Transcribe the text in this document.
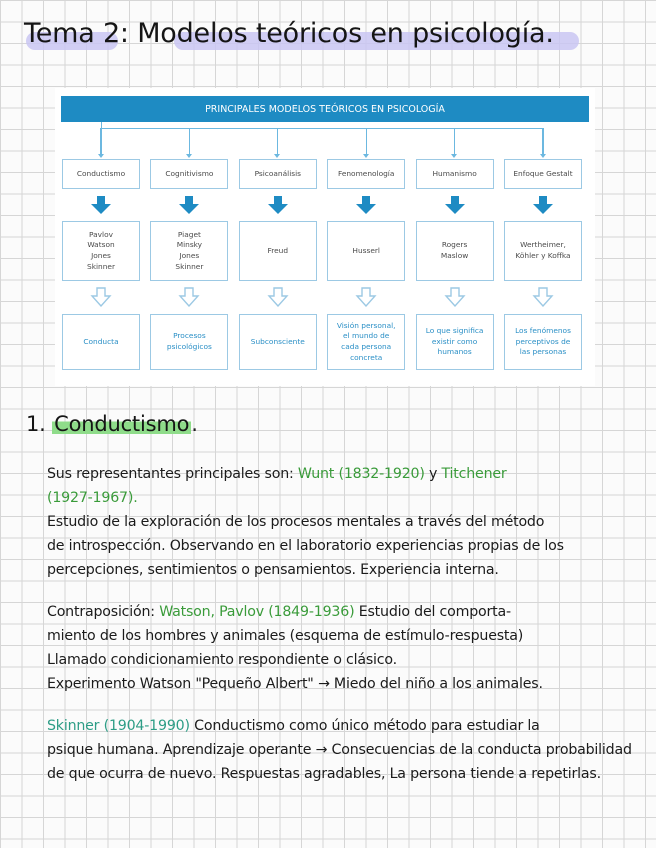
Tema 2: Modelos teóricos en psicología.
PRINCIPALES MODELOS TEÓRICOS EN PSICOLOGÍA
Conductismo
Pavlov
Watson
Jones
Skinner
Conducta
Cognitivismo
Piaget
Minsky
Jones
Skinner
Procesos
psicológicos
Psicoanálisis
Freud
Subconsciente
Fenomenología
Husserl
Visión personal,
el mundo de
cada persona
concreta
Humanismo
Rogers
Maslow
Lo que significa
existir como
humanos
Enfoque Gestalt
Wertheimer,
Köhler y Koffka
Los fenómenos
perceptivos de
las personas
1. Conductismo.
Sus representantes principales son: Wunt (1832-1920) y Titchener
(1927-1967).
Estudio de la exploración de los procesos mentales a través del método
de introspección. Observando en el laboratorio experiencias propias de los
percepciones, sentimientos o pensamientos. Experiencia interna.
Contraposición: Watson, Pavlov (1849-1936) Estudio del comporta-
miento de los hombres y animales (esquema de estímulo-respuesta)
Llamado condicionamiento respondiente o clásico.
Experimento Watson "Pequeño Albert" → Miedo del niño a los animales.
Skinner (1904-1990) Conductismo como único método para estudiar la
psique humana. Aprendizaje operante → Consecuencias de la conducta probabilidad
de que ocurra de nuevo. Respuestas agradables, La persona tiende a repetirlas.
